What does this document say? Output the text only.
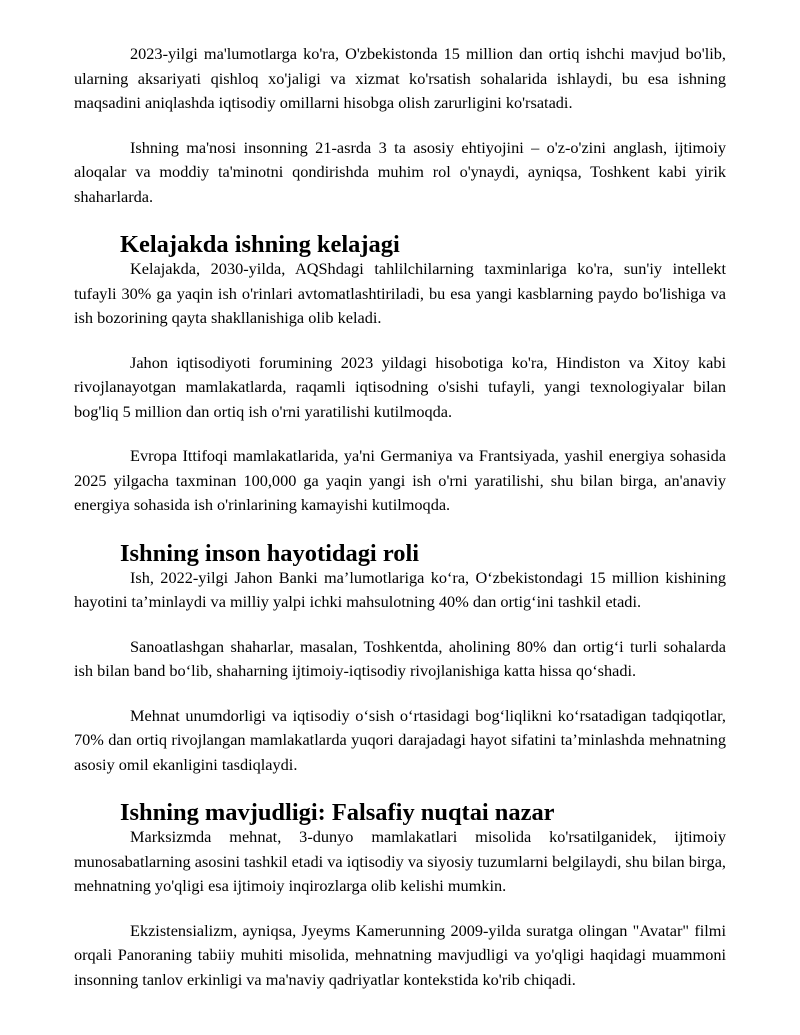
2023-yilgi ma'lumotlarga ko'ra, O'zbekistonda 15 million dan ortiq ishchi mavjud bo'lib, ularning aksariyati qishloq xo'jaligi va xizmat ko'rsatish sohalarida ishlaydi, bu esa ishning maqsadini aniqlashda iqtisodiy omillarni hisobga olish zarurligini ko'rsatadi.

Ishning ma'nosi insonning 21-asrda 3 ta asosiy ehtiyojini – o'z-o'zini anglash, ijtimoiy aloqalar va moddiy ta'minotni qondirishda muhim rol o'ynaydi, ayniqsa, Toshkent kabi yirik shaharlarda.

Kelajakda ishning kelajagi

Kelajakda, 2030-yilda, AQShdagi tahlilchilarning taxminlariga ko'ra, sun'iy intellekt tufayli 30% ga yaqin ish o'rinlari avtomatlashtiriladi, bu esa yangi kasblarning paydo bo'lishiga va ish bozorining qayta shakllanishiga olib keladi.

Jahon iqtisodiyoti forumining 2023 yildagi hisobotiga ko'ra, Hindiston va Xitoy kabi rivojlanayotgan mamlakatlarda, raqamli iqtisodning o'sishi tufayli, yangi texnologiyalar bilan bog'liq 5 million dan ortiq ish o'rni yaratilishi kutilmoqda.

Evropa Ittifoqi mamlakatlarida, ya'ni Germaniya va Frantsiyada, yashil energiya sohasida 2025 yilgacha taxminan 100,000 ga yaqin yangi ish o'rni yaratilishi, shu bilan birga, an'anaviy energiya sohasida ish o'rinlarining kamayishi kutilmoqda.

Ishning inson hayotidagi roli

Ish, 2022-yilgi Jahon Banki ma’lumotlariga ko‘ra, O‘zbekistondagi 15 million kishining hayotini ta’minlaydi va milliy yalpi ichki mahsulotning 40% dan ortig‘ini tashkil etadi.

Sanoatlashgan shaharlar, masalan, Toshkentda, aholining 80% dan ortig‘i turli sohalarda ish bilan band bo‘lib, shaharning ijtimoiy-iqtisodiy rivojlanishiga katta hissa qo‘shadi.

Mehnat unumdorligi va iqtisodiy o‘sish o‘rtasidagi bog‘liqlikni ko‘rsatadigan tadqiqotlar, 70% dan ortiq rivojlangan mamlakatlarda yuqori darajadagi hayot sifatini ta’minlashda mehnatning asosiy omil ekanligini tasdiqlaydi.

Ishning mavjudligi: Falsafiy nuqtai nazar

Marksizmda mehnat, 3-dunyo mamlakatlari misolida ko'rsatilganidek, ijtimoiy munosabatlarning asosini tashkil etadi va iqtisodiy va siyosiy tuzumlarni belgilaydi, shu bilan birga, mehnatning yo'qligi esa ijtimoiy inqirozlarga olib kelishi mumkin.

Ekzistensializm, ayniqsa, Jyeyms Kamerunning 2009-yilda suratga olingan "Avatar" filmi orqali Panoraning tabiiy muhiti misolida, mehnatning mavjudligi va yo'qligi haqidagi muammoni insonning tanlov erkinligi va ma'naviy qadriyatlar kontekstida ko'rib chiqadi.
